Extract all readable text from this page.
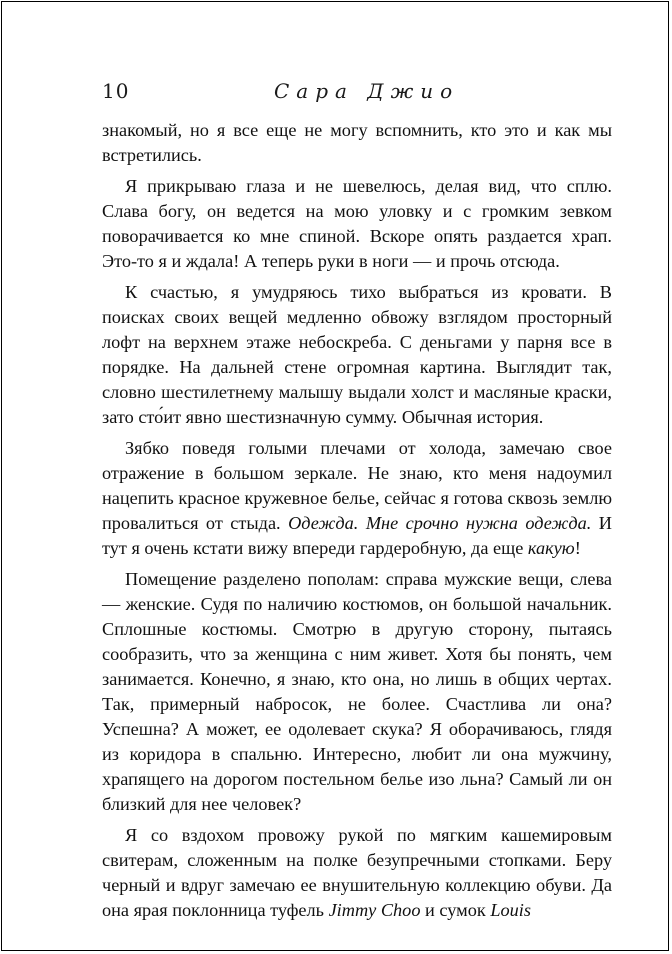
10	Сара Джио

знакомый, но я все еще не могу вспомнить, кто это и как мы встретились.

Я прикрываю глаза и не шевелюсь, делая вид, что сплю. Слава богу, он ведется на мою уловку и с громким зевком поворачивается ко мне спиной. Вскоре опять раздается храп. Это-то я и ждала! А теперь руки в ноги — и прочь отсюда.

К счастью, я умудряюсь тихо выбраться из кровати. В поисках своих вещей медленно обвожу взглядом просторный лофт на верхнем этаже небоскреба. С деньгами у парня все в порядке. На дальней стене огромная картина. Выглядит так, словно шестилетнему малышу выдали холст и масляные краски, зато сто́ит явно шестизначную сумму. Обычная история.

Зябко поведя голыми плечами от холода, замечаю свое отражение в большом зеркале. Не знаю, кто меня надоумил нацепить красное кружевное белье, сейчас я готова сквозь землю провалиться от стыда. Одежда. Мне срочно нужна одежда. И тут я очень кстати вижу впереди гардеробную, да еще какую!

Помещение разделено пополам: справа мужские вещи, слева — женские. Судя по наличию костюмов, он большой начальник. Сплошные костюмы. Смотрю в другую сторону, пытаясь сообразить, что за женщина с ним живет. Хотя бы понять, чем занимается. Конечно, я знаю, кто она, но лишь в общих чертах. Так, примерный набросок, не более. Счастлива ли она? Успешна? А может, ее одолевает скука? Я оборачиваюсь, глядя из коридора в спальню. Интересно, любит ли она мужчину, храпящего на дорогом постельном белье изо льна? Самый ли он близкий для нее человек?

Я со вздохом провожу рукой по мягким кашемировым свитерам, сложенным на полке безупречными стопками. Беру черный и вдруг замечаю ее внушительную коллекцию обуви. Да она ярая поклонница туфель Jimmy Choo и сумок Louis
